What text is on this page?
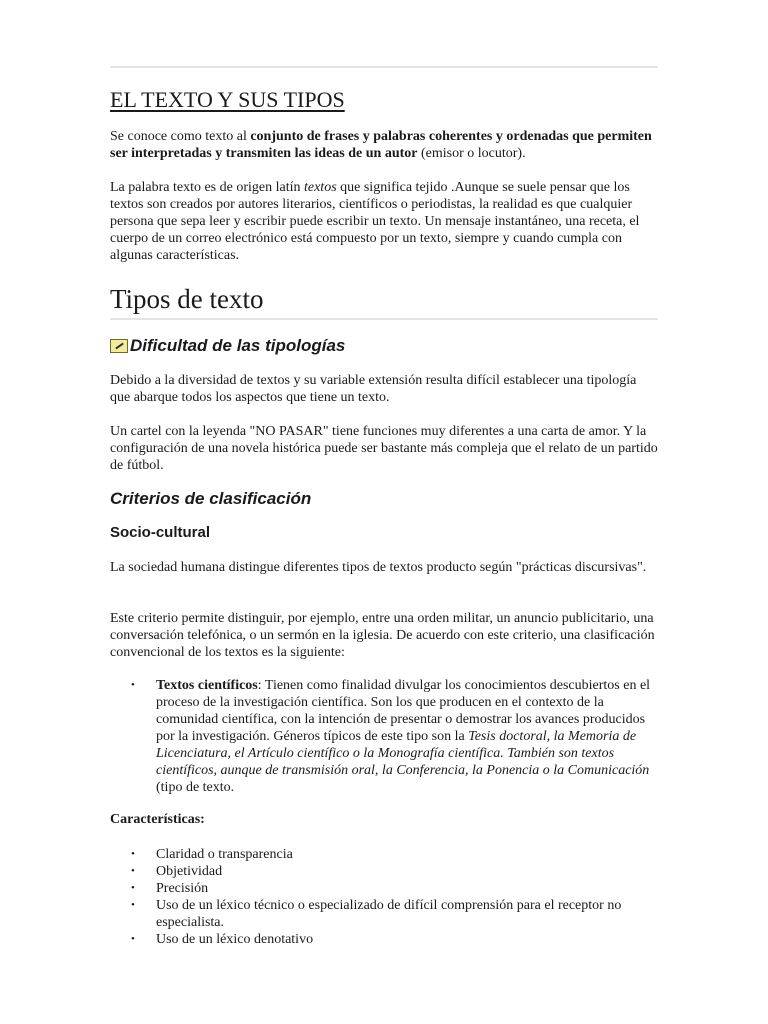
EL TEXTO Y SUS TIPOS

Se conoce como texto al conjunto de frases y palabras coherentes y ordenadas que permiten ser interpretadas y transmiten las ideas de un autor (emisor o locutor).

La palabra texto es de origen latín textos que significa tejido .Aunque se suele pensar que los textos son creados por autores literarios, científicos o periodistas, la realidad es que cualquier persona que sepa leer y escribir puede escribir un texto. Un mensaje instantáneo, una receta, el cuerpo de un correo electrónico está compuesto por un texto, siempre y cuando cumpla con algunas características.

Tipos de texto
Dificultad de las tipologías

Debido a la diversidad de textos y su variable extensión resulta difícil establecer una tipología que abarque todos los aspectos que tiene un texto.

Un cartel con la leyenda "NO PASAR" tiene funciones muy diferentes a una carta de amor. Y la configuración de una novela histórica puede ser bastante más compleja que el relato de un partido de fútbol.

Criterios de clasificación
Socio-cultural

La sociedad humana distingue diferentes tipos de textos producto según "prácticas discursivas".

Este criterio permite distinguir, por ejemplo, entre una orden militar, un anuncio publicitario, una conversación telefónica, o un sermón en la iglesia. De acuerdo con este criterio, una clasificación convencional de los textos es la siguiente:

• Textos científicos: Tienen como finalidad divulgar los conocimientos descubiertos en el proceso de la investigación científica. Son los que producen en el contexto de la comunidad científica, con la intención de presentar o demostrar los avances producidos por la investigación. Géneros típicos de este tipo son la Tesis doctoral, la Memoria de Licenciatura, el Artículo científico o la Monografía científica. También son textos científicos, aunque de transmisión oral, la Conferencia, la Ponencia o la Comunicación (tipo de texto.

Características:

• Claridad o transparencia
• Objetividad
• Precisión
• Uso de un léxico técnico o especializado de difícil comprensión para el receptor no especialista.
• Uso de un léxico denotativo
